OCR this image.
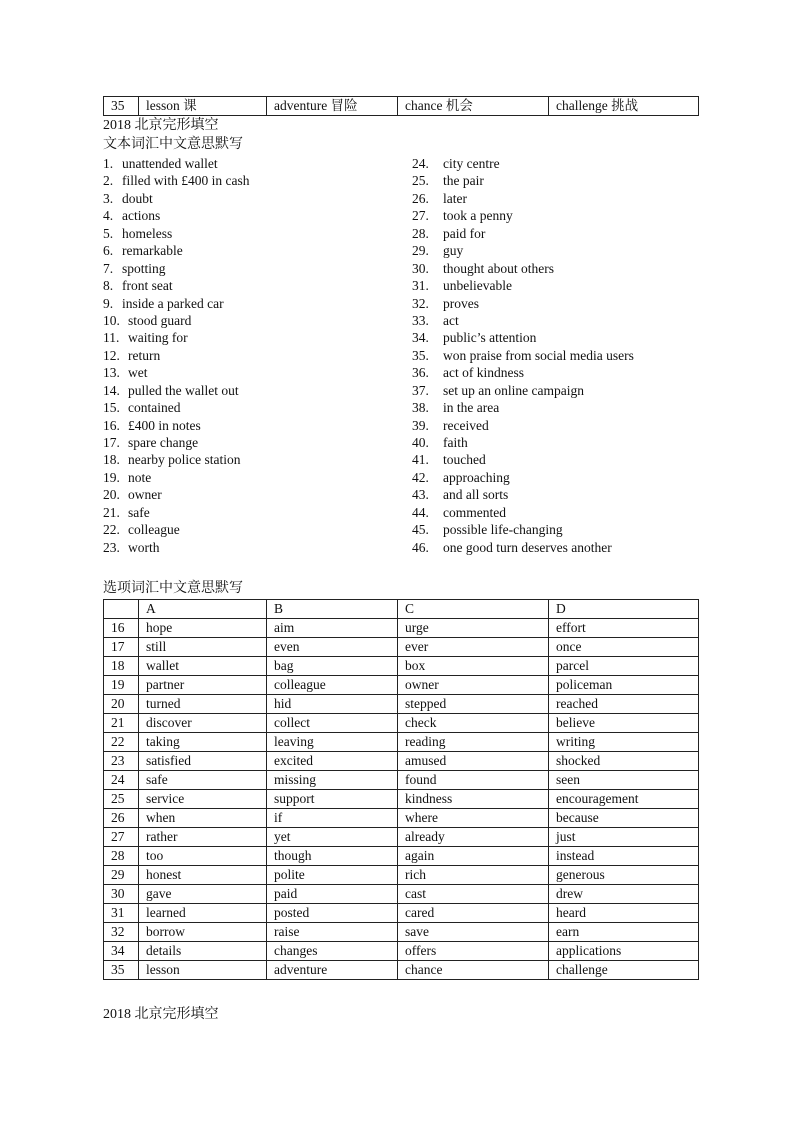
35	lesson 课	adventure 冒险	chance 机会	challenge 挑战
2018 北京完形填空
文本词汇中文意思默写
1. unattended wallet
2. filled with £400 in cash
3. doubt
4. actions
5. homeless
6. remarkable
7. spotting
8. front seat
9. inside a parked car
10. stood guard
11. waiting for
12. return
13. wet
14. pulled the wallet out
15. contained
16. £400 in notes
17. spare change
18. nearby police station
19. note
20. owner
21. safe
22. colleague
23. worth
24. city centre
25. the pair
26. later
27. took a penny
28. paid for
29. guy
30. thought about others
31. unbelievable
32. proves
33. act
34. public’s attention
35. won praise from social media users
36. act of kindness
37. set up an online campaign
38. in the area
39. received
40. faith
41. touched
42. approaching
43. and all sorts
44. commented
45. possible life-changing
46. one good turn deserves another
选项词汇中文意思默写
	A	B	C	D
16	hope	aim	urge	effort
17	still	even	ever	once
18	wallet	bag	box	parcel
19	partner	colleague	owner	policeman
20	turned	hid	stepped	reached
21	discover	collect	check	believe
22	taking	leaving	reading	writing
23	satisfied	excited	amused	shocked
24	safe	missing	found	seen
25	service	support	kindness	encouragement
26	when	if	where	because
27	rather	yet	already	just
28	too	though	again	instead
29	honest	polite	rich	generous
30	gave	paid	cast	drew
31	learned	posted	cared	heard
32	borrow	raise	save	earn
34	details	changes	offers	applications
35	lesson	adventure	chance	challenge
2018 北京完形填空
